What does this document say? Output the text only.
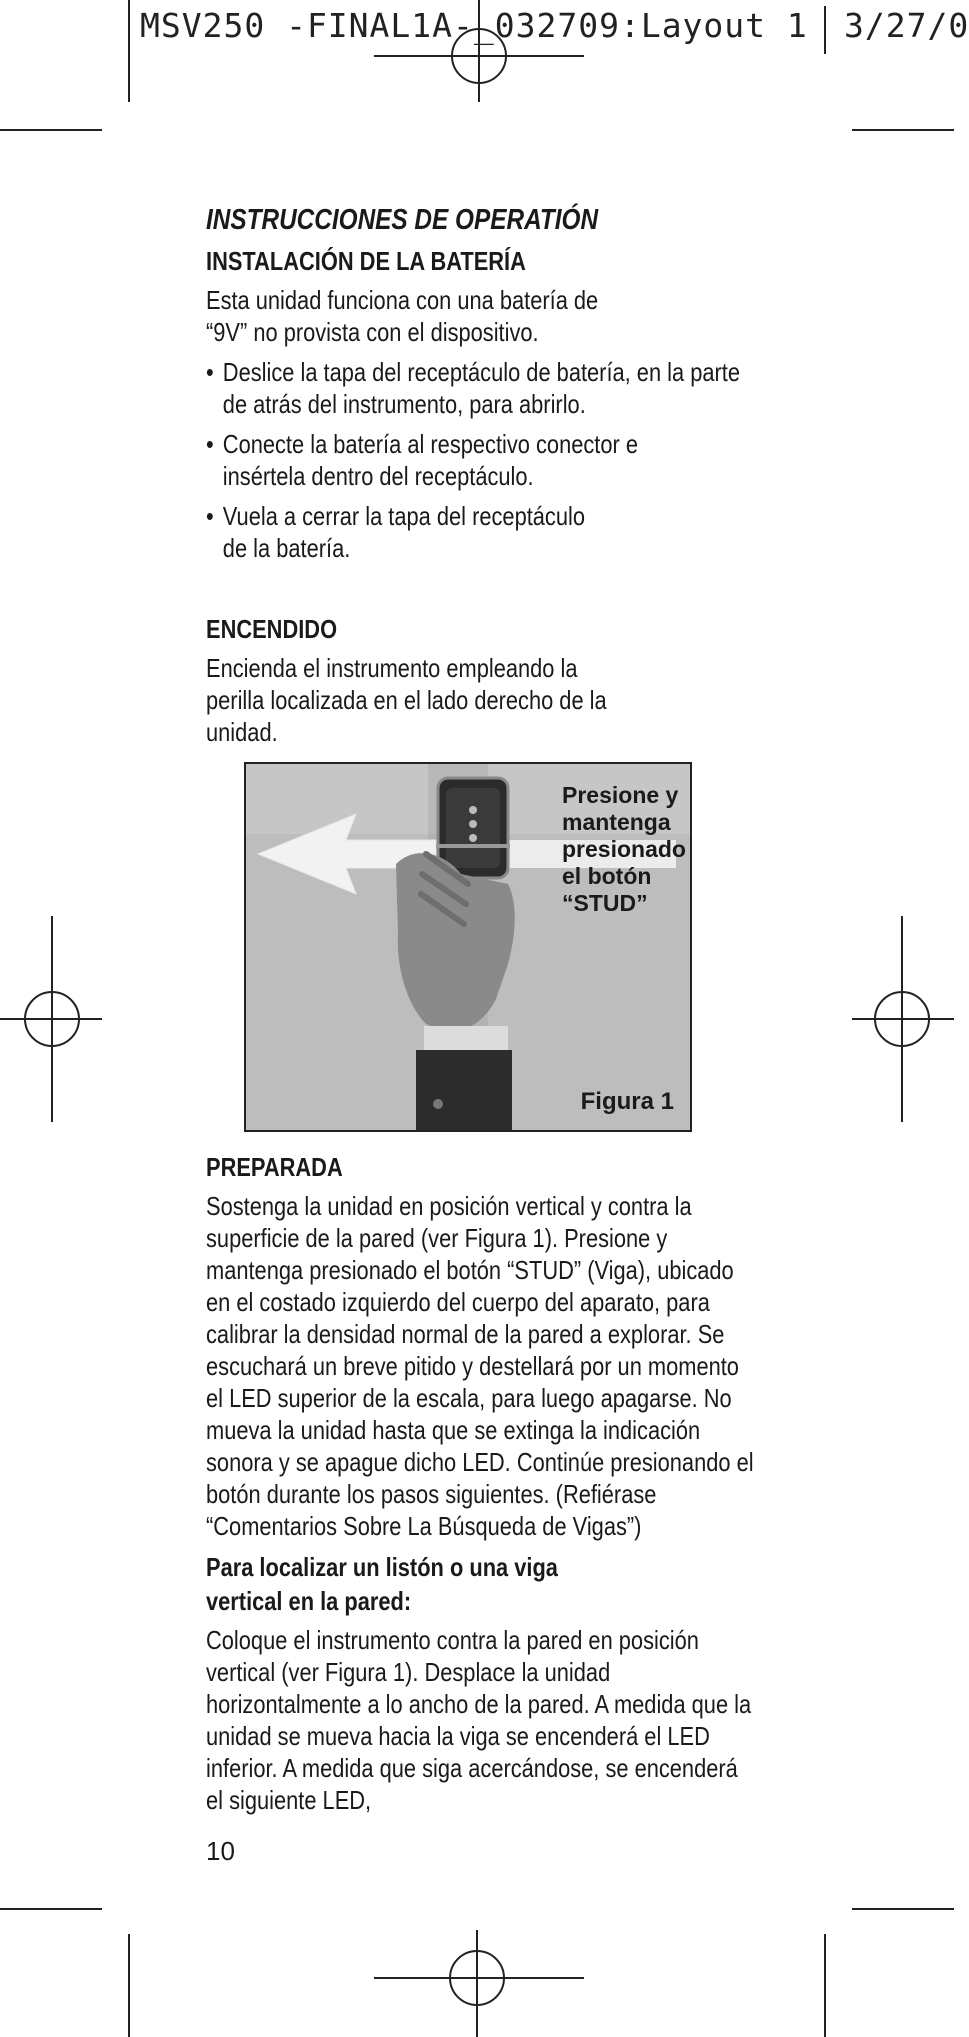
MSV250 -FINAL1A-_032709:Layout 1 3/27/0
INSTRUCCIONES DE OPERATIÓN
INSTALACIÓN DE LA BATERÍA

Esta unidad funciona con una batería de “9V” no provista con el dispositivo.

• Deslice la tapa del receptáculo de batería, en la parte de atrás del instrumento, para abrirlo.
• Conecte la batería al respectivo conector e insértela dentro del receptáculo.
• Vuela a cerrar la tapa del receptáculo de la batería.
ENCENDIDO

Encienda el instrumento empleando la perilla localizada en el lado derecho de la unidad.

Presione y mantenga presionado el botón “STUD”
Figura 1
PREPARADA

Sostenga la unidad en posición vertical y contra la superficie de la pared (ver Figura 1). Presione y mantenga presionado el botón “STUD” (Viga), ubicado en el costado izquierdo del cuerpo del aparato, para calibrar la densidad normal de la pared a explorar. Se escuchará un breve pitido y destellará por un momento el LED superior de la escala, para luego apagarse. No mueva la unidad hasta que se extinga la indicación sonora y se apague dicho LED. Continúe presionando el botón durante los pasos siguientes. (Refiérase “Comentarios Sobre La Búsqueda de Vigas”)

Para localizar un listón o una viga vertical en la pared:

Coloque el instrumento contra la pared en posición vertical (ver Figura 1). Desplace la unidad horizontalmente a lo ancho de la pared. A medida que la unidad se mueva hacia la viga se encenderá el LED inferior. A medida que siga acercándose, se encenderá el siguiente LED,

10
